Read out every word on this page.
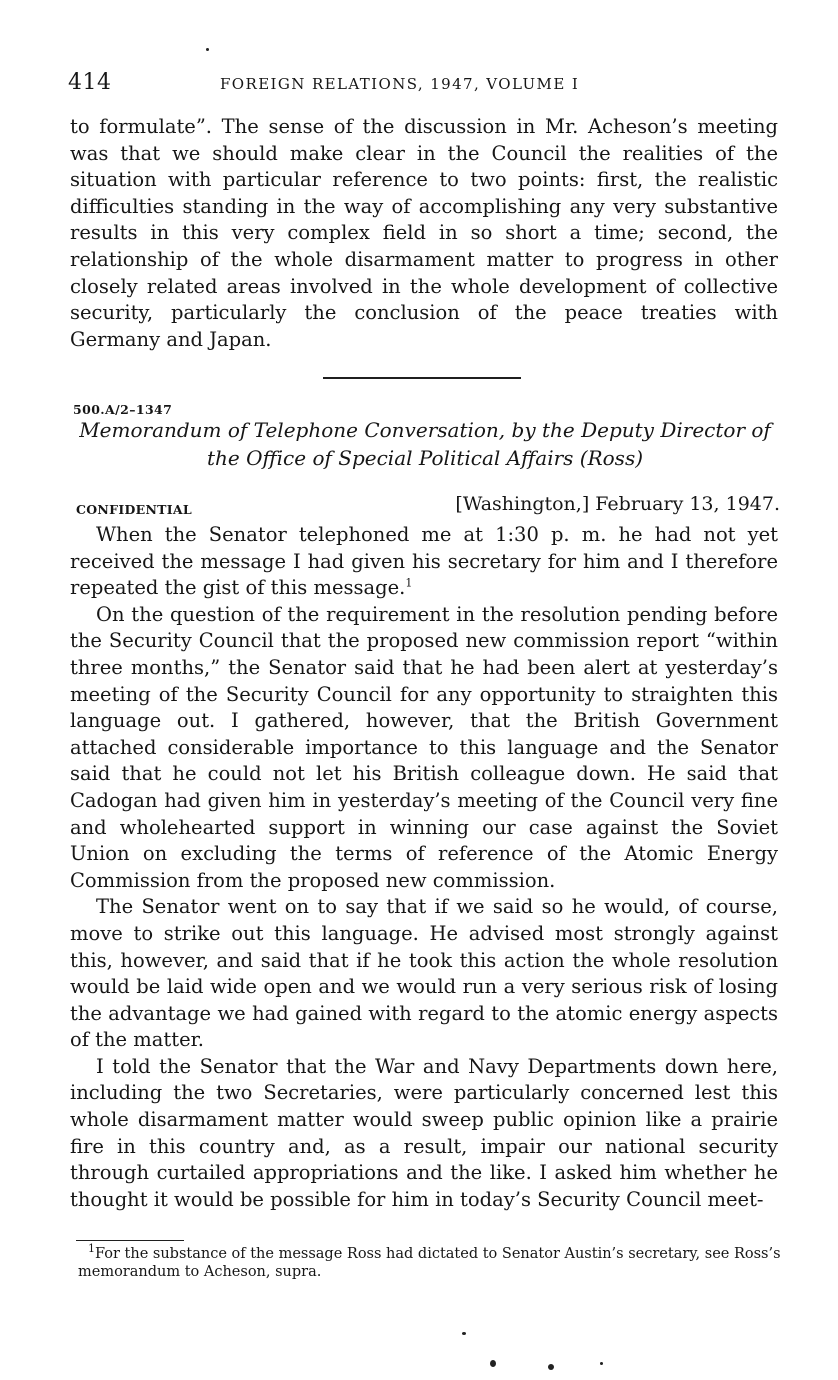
414	FOREIGN RELATIONS, 1947, VOLUME I

to formulate”. The sense of the discussion in Mr. Acheson’s meeting was that we should make clear in the Council the realities of the situation with particular reference to two points: first, the realistic difficulties standing in the way of accomplishing any very substantive results in this very complex field in so short a time; second, the relationship of the whole disarmament matter to progress in other closely related areas involved in the whole development of collective security, particularly the conclusion of the peace treaties with Germany and Japan.

500.A/2–1347

Memorandum of Telephone Conversation, by the Deputy Director of the Office of Special Political Affairs (Ross)

CONFIDENTIAL	[Washington,] February 13, 1947.

When the Senator telephoned me at 1:30 p. m. he had not yet received the message I had given his secretary for him and I therefore repeated the gist of this message.$^1$

On the question of the requirement in the resolution pending before the Security Council that the proposed new commission report “within three months,” the Senator said that he had been alert at yesterday’s meeting of the Security Council for any opportunity to straighten this language out. I gathered, however, that the British Government attached considerable importance to this language and the Senator said that he could not let his British colleague down. He said that Cadogan had given him in yesterday’s meeting of the Council very fine and wholehearted support in winning our case against the Soviet Union on excluding the terms of reference of the Atomic Energy Commission from the proposed new commission.

The Senator went on to say that if we said so he would, of course, move to strike out this language. He advised most strongly against this, however, and said that if he took this action the whole resolution would be laid wide open and we would run a very serious risk of losing the advantage we had gained with regard to the atomic energy aspects of the matter.

I told the Senator that the War and Navy Departments down here, including the two Secretaries, were particularly concerned lest this whole disarmament matter would sweep public opinion like a prairie fire in this country and, as a result, impair our national security through curtailed appropriations and the like. I asked him whether he thought it would be possible for him in today’s Security Council meet-

$^1$For the substance of the message Ross had dictated to Senator Austin’s secretary, see Ross’s memorandum to Acheson, supra.
